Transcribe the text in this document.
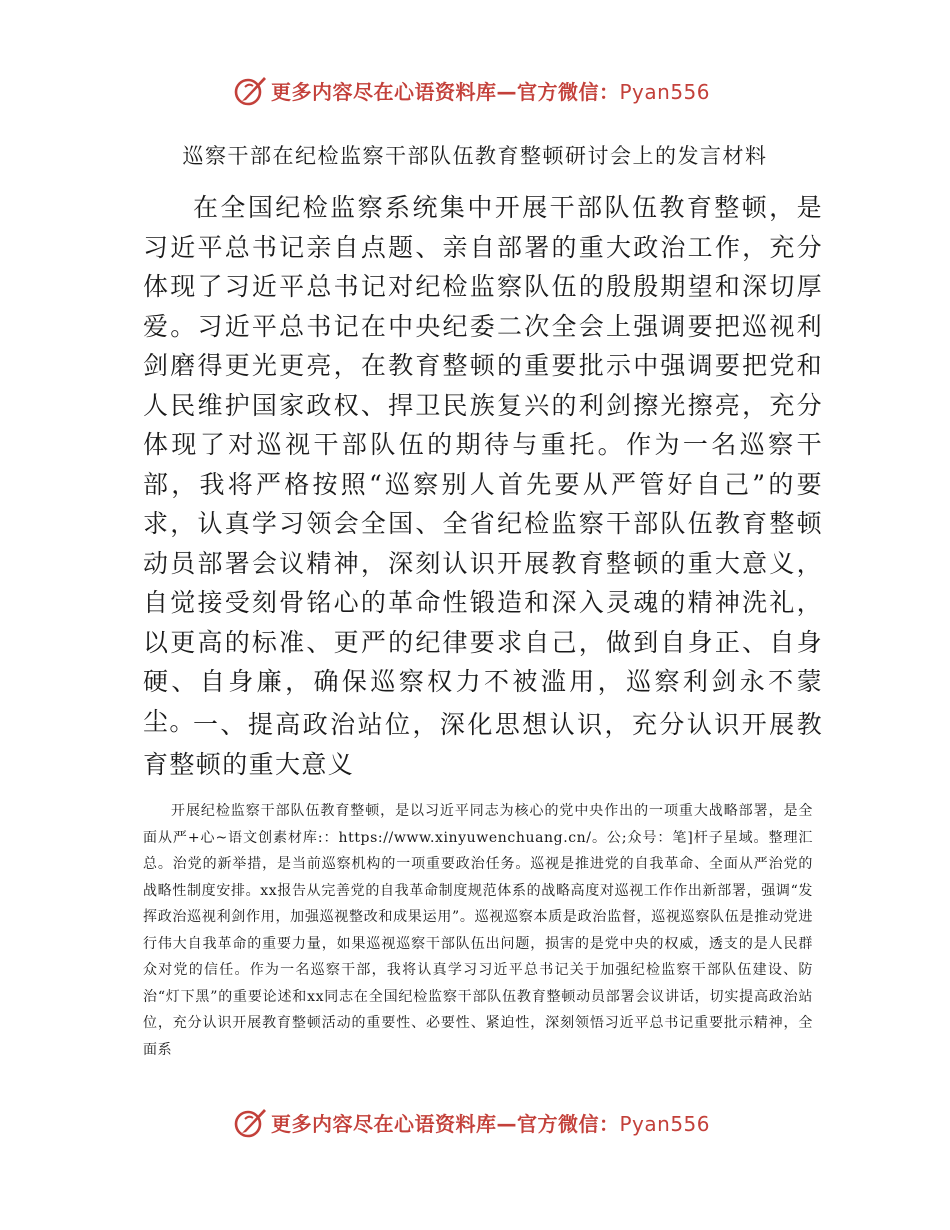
更多内容尽在心语资料库—官方微信：Pyan556
巡察干部在纪检监察干部队伍教育整顿研讨会上的发言材料

在全国纪检监察系统集中开展干部队伍教育整顿，是习近平总书记亲自点题、亲自部署的重大政治工作，充分体现了习近平总书记对纪检监察队伍的殷殷期望和深切厚爱。习近平总书记在中央纪委二次全会上强调要把巡视利剑磨得更光更亮，在教育整顿的重要批示中强调要把党和人民维护国家政权、捍卫民族复兴的利剑擦光擦亮，充分体现了对巡视干部队伍的期待与重托。作为一名巡察干部，我将严格按照“巡察别人首先要从严管好自己”的要求，认真学习领会全国、全省纪检监察干部队伍教育整顿动员部署会议精神，深刻认识开展教育整顿的重大意义，自觉接受刻骨铭心的革命性锻造和深入灵魂的精神洗礼，以更高的标准、更严的纪律要求自己，做到自身正、自身硬、自身廉，确保巡察权力不被滥用，巡察利剑永不蒙尘。

一、提高政治站位，深化思想认识，充分认识开展教育整顿的重大意义

开展纪检监察干部队伍教育整顿，是以习近平同志为核心的党中央作出的一项重大战略部署，是全面从严+心~语文创素材库:：https://www.xinyuwenchuang.cn/。公;众号：笔]杆子星域。整理汇总。治党的新举措，是当前巡察机构的一项重要政治任务。巡视是推进党的自我革命、全面从严治党的战略性制度安排。xx报告从完善党的自我革命制度规范体系的战略高度对巡视工作作出新部署，强调“发挥政治巡视利剑作用，加强巡视整改和成果运用”。巡视巡察本质是政治监督，巡视巡察队伍是推动党进行伟大自我革命的重要力量，如果巡视巡察干部队伍出问题，损害的是党中央的权威，透支的是人民群众对党的信任。作为一名巡察干部，我将认真学习习近平总书记关于加强纪检监察干部队伍建设、防治“灯下黑”的重要论述和xx同志在全国纪检监察干部队伍教育整顿动员部署会议讲话，切实提高政治站位，充分认识开展教育整顿活动的重要性、必要性、紧迫性，深刻领悟习近平总书记重要批示精神，全面系

更多内容尽在心语资料库—官方微信：Pyan556
